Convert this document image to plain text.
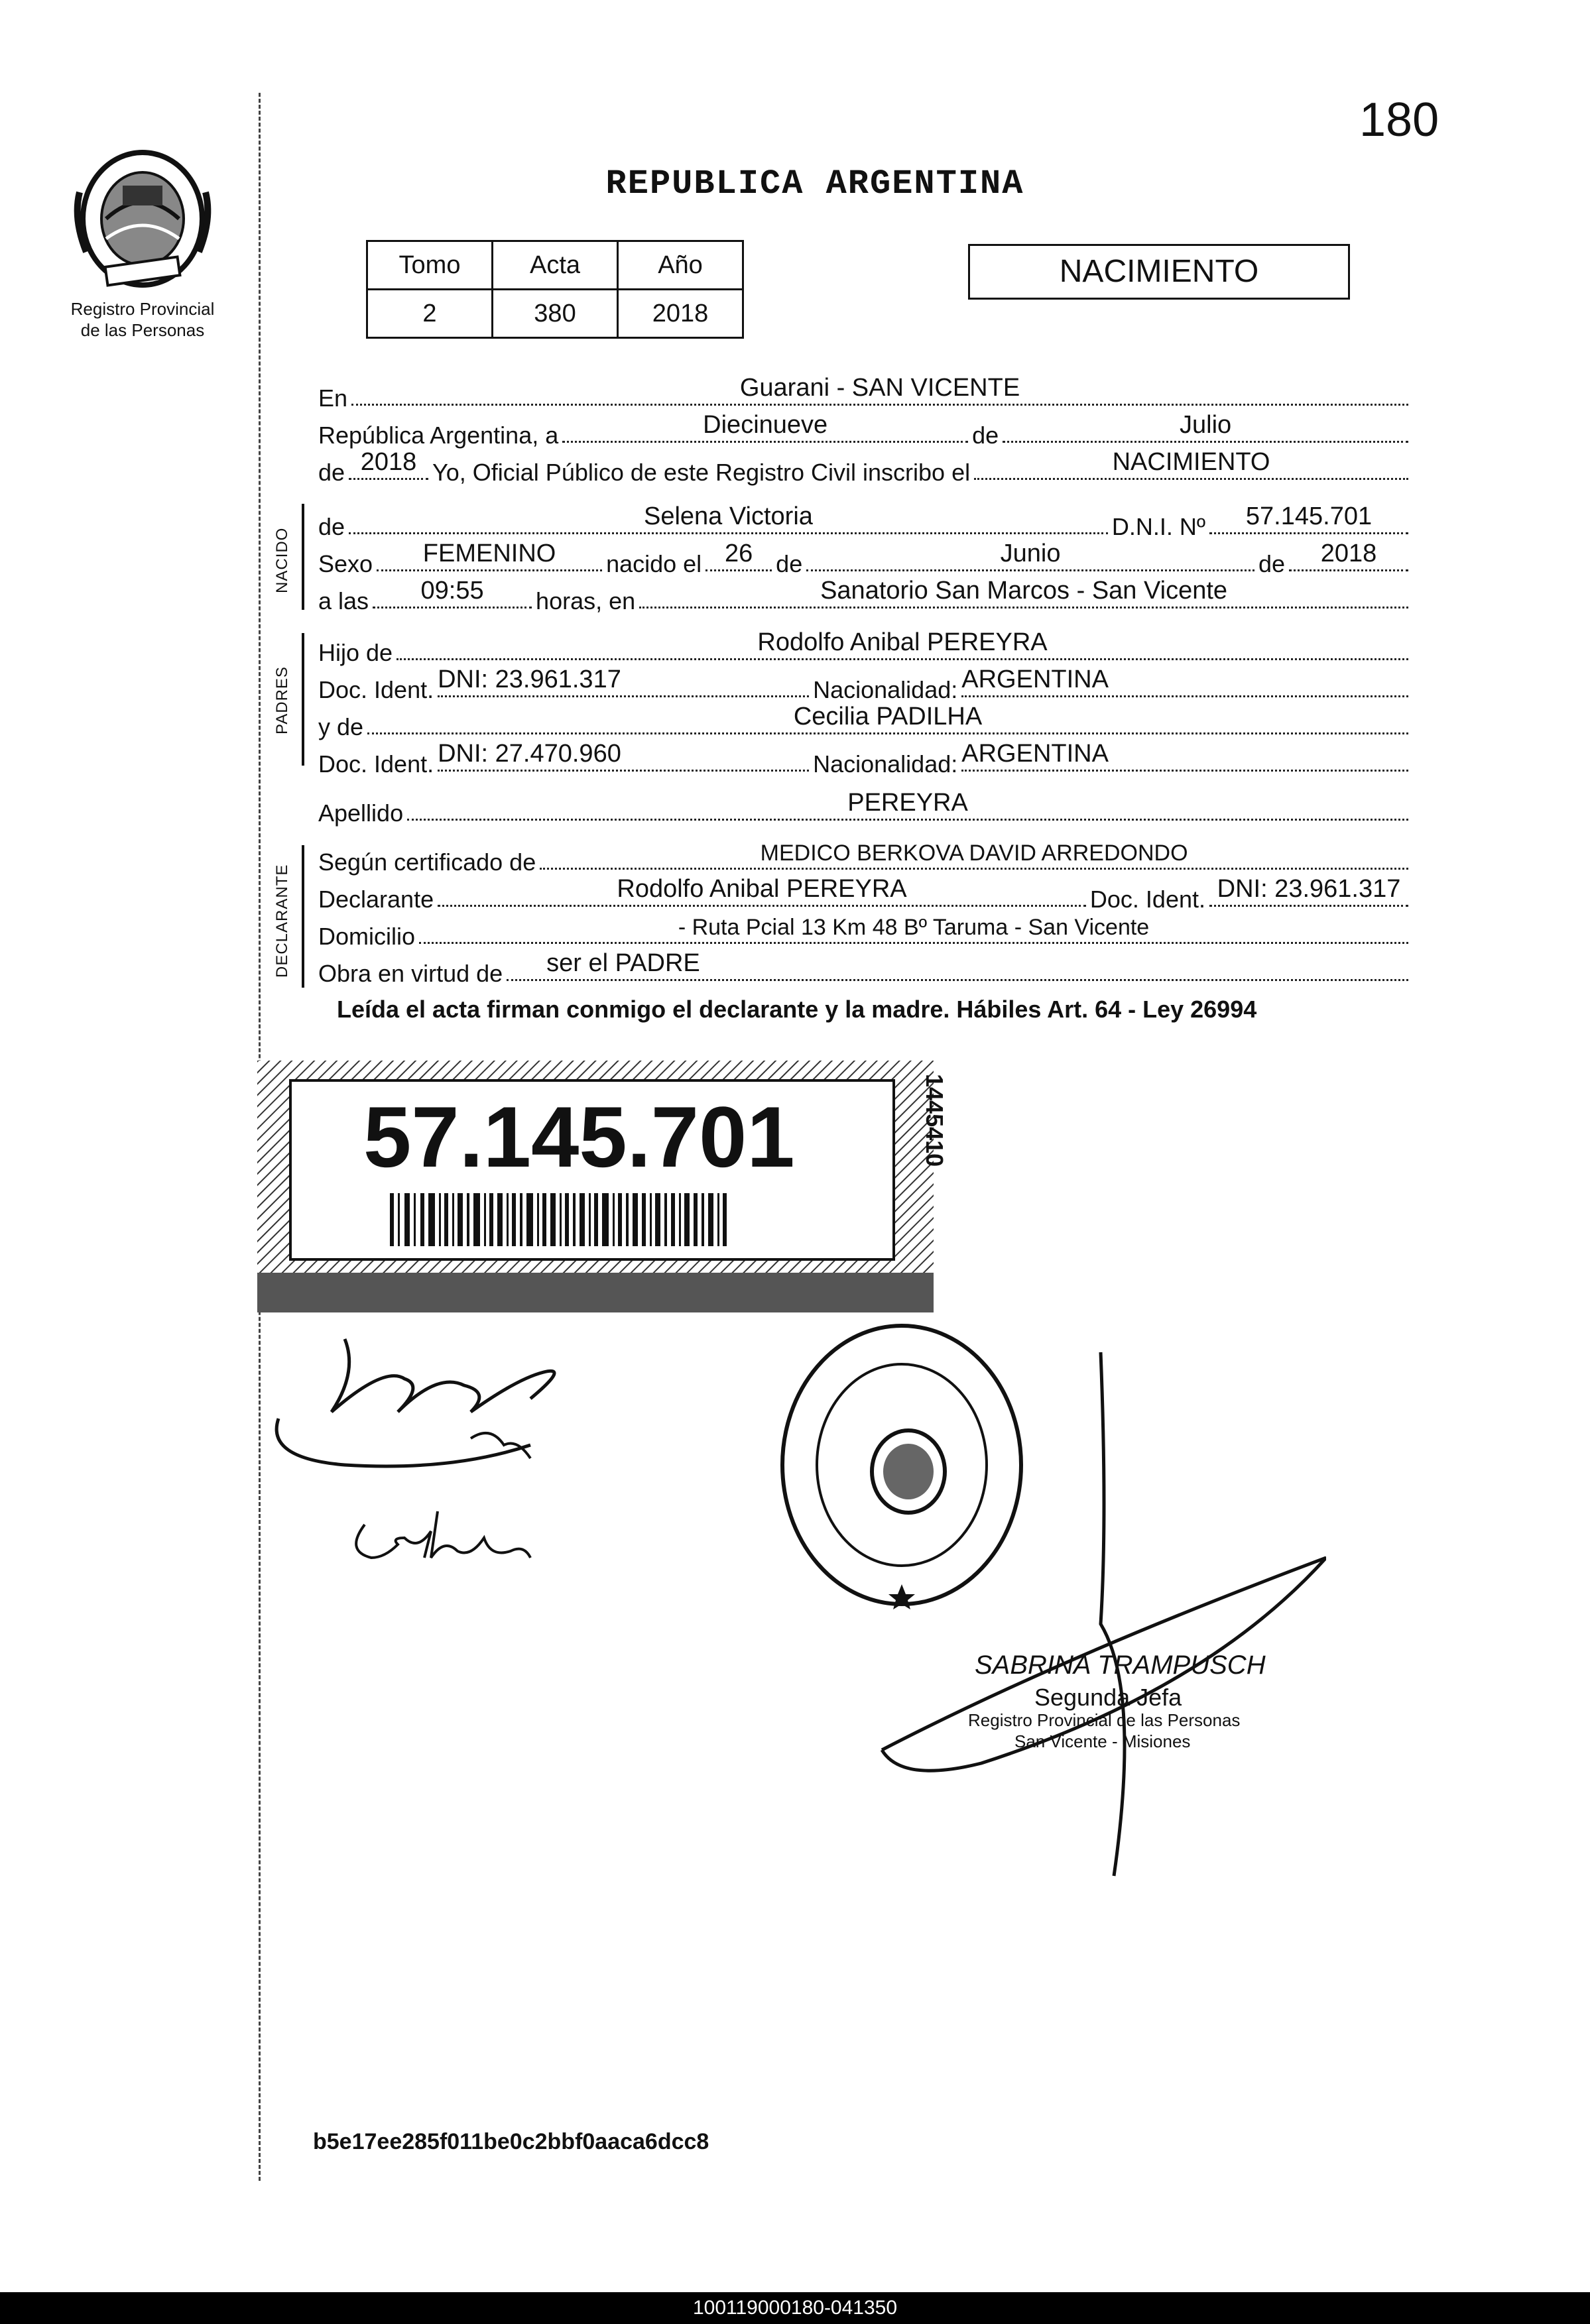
180
Registro Provincial
de las Personas
REPUBLICA ARGENTINA
Tomo	Acta	Año
2	380	2018
NACIMIENTO
En	Guarani - SAN VICENTE
República Argentina, a	Diecinueve	de	Julio
de 2018 Yo, Oficial Público de este Registro Civil inscribo el	NACIMIENTO
NACIDO
de	Selena Victoria	D.N.I. Nº	57.145.701
Sexo	FEMENINO	nacido el 26 de	Junio	de	2018
a las	09:55	horas, en	Sanatorio San Marcos - San Vicente
PADRES
Hijo de	Rodolfo Anibal PEREYRA
Doc. Ident. DNI: 23.961.317	Nacionalidad: ARGENTINA
y de	Cecilia PADILHA
Doc. Ident. DNI: 27.470.960	Nacionalidad: ARGENTINA
Apellido	PEREYRA
DECLARANTE
Según certificado de	MEDICO BERKOVA DAVID ARREDONDO
Declarante	Rodolfo Anibal PEREYRA	Doc. Ident. DNI: 23.961.317
Domicilio	- Ruta Pcial 13 Km 48 Bº Taruma - San Vicente
Obra en virtud de	ser el PADRE
Leída el acta firman conmigo el declarante y la madre. Hábiles Art. 64 - Ley 26994
57.145.701	1445410
SABRINA TRAMPUSCH
Segunda Jefa
Registro Provincial de las Personas
San Vicente - Misiones
b5e17ee285f011be0c2bbf0aaca6dcc8
100119000180-041350
